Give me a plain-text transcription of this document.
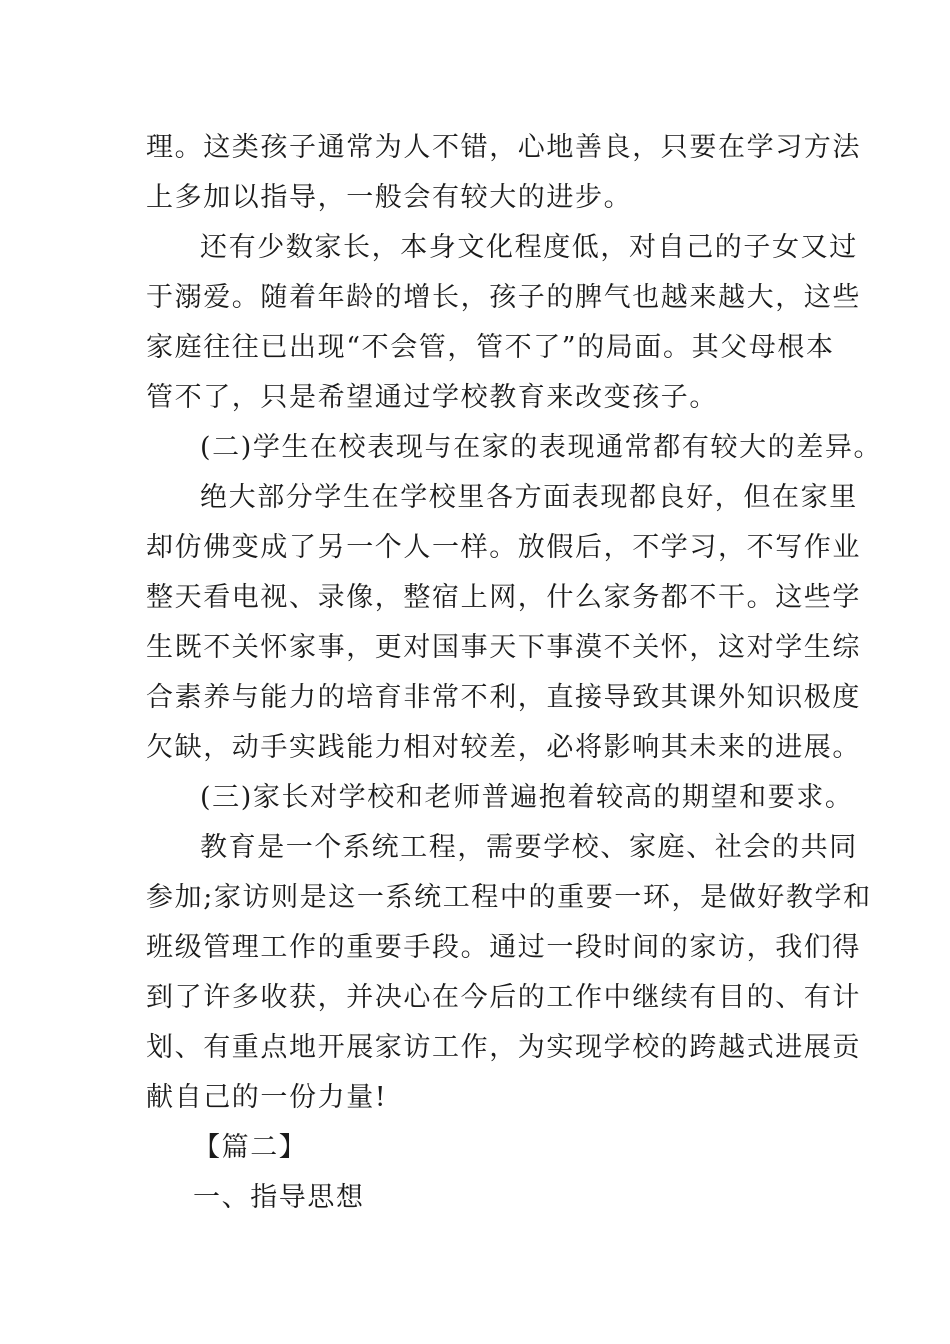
理。这类孩子通常为人不错，心地善良，只要在学习方法
上多加以指导，一般会有较大的进步。
还有少数家长，本身文化程度低，对自己的子女又过
于溺爱。随着年龄的增长，孩子的脾气也越来越大，这些
家庭往往已出现“不会管，管不了”的局面。其父母根本
管不了，只是希望通过学校教育来改变孩子。
(二)学生在校表现与在家的表现通常都有较大的差异。
绝大部分学生在学校里各方面表现都良好，但在家里
却仿佛变成了另一个人一样。放假后，不学习，不写作业
整天看电视、录像，整宿上网，什么家务都不干。这些学
生既不关怀家事，更对国事天下事漠不关怀，这对学生综
合素养与能力的培育非常不利，直接导致其课外知识极度
欠缺，动手实践能力相对较差，必将影响其未来的进展。
(三)家长对学校和老师普遍抱着较高的期望和要求。
教育是一个系统工程，需要学校、家庭、社会的共同
参加;家访则是这一系统工程中的重要一环，是做好教学和
班级管理工作的重要手段。通过一段时间的家访，我们得
到了许多收获，并决心在今后的工作中继续有目的、有计
划、有重点地开展家访工作，为实现学校的跨越式进展贡
献自己的一份力量!
【篇二】
一、指导思想
